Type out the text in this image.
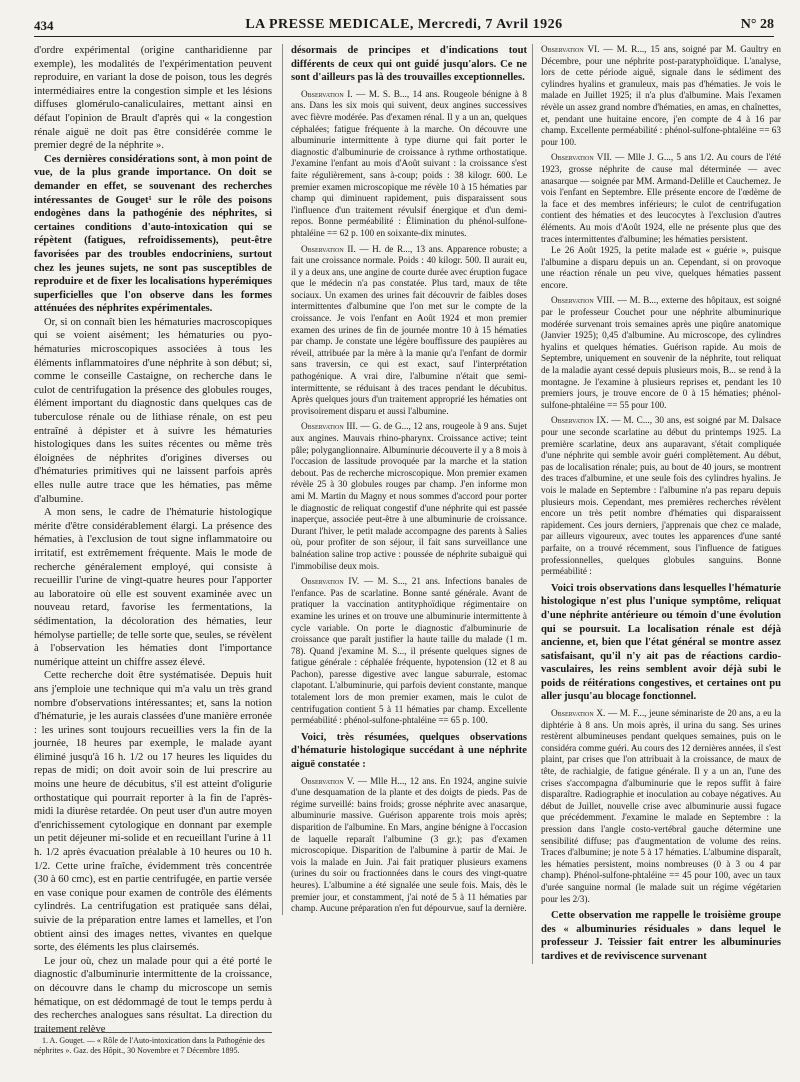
434	LA PRESSE MEDICALE, Mercredi, 7 Avril 1926	N° 28

d'ordre expérimental (origine cantharidienne par exemple), les modalités de l'expérimentation peuvent reproduire, en variant la dose de poison, tous les degrés intermédiaires entre la congestion simple et les lésions diffuses glomérulo-canaliculaires, mettant ainsi en défaut l'opinion de Brault d'après qui « la congestion rénale aiguë ne doit pas être considérée comme le premier degré de la néphrite ».

Ces dernières considérations sont, à mon point de vue, de la plus grande importance. On doit se demander en effet, se souvenant des recherches intéressantes de Gouget¹ sur le rôle des poisons endogènes dans la pathogénie des néphrites, si certaines conditions d'auto-intoxication qui se répètent (fatigues, refroidissements), peut-être favorisées par des troubles endocriniens, surtout chez les jeunes sujets, ne sont pas susceptibles de reproduire et de fixer les localisations hyperémiques superficielles que l'on observe dans les formes atténuées des néphrites expérimentales.

Or, si on connaît bien les hématuries macroscopiques qui se voient aisément; les hématuries ou pyo-hématuries microscopiques associées à tous les éléments inflammatoires d'une néphrite à son début; si, comme le conseille Castaigne, on recherche dans le culot de centrifugation la présence des globules rouges, élément important du diagnostic dans quelques cas de tuberculose rénale ou de lithiase rénale, on est peu entraîné à dépister et à suivre les hématuries histologiques dans les suites récentes ou même très éloignées de néphrites d'origines diverses ou d'hématuries primitives qui ne laissent parfois après elles nulle autre trace que les hématies, pas même d'albumine.

A mon sens, le cadre de l'hématurie histologique mérite d'être considérablement élargi. La présence des hématies, à l'exclusion de tout signe inflammatoire ou irritatif, est extrêmement fréquente. Mais le mode de recherche généralement employé, qui consiste à recueillir l'urine de vingt-quatre heures pour l'apporter au laboratoire où elle est souvent examinée avec un nouveau retard, favorise les fermentations, la sédimentation, la décoloration des hématies, leur hémolyse partielle; de telle sorte que, seules, se révèlent à l'observation les hématies dont l'importance numérique atteint un chiffre assez élevé.

Cette recherche doit être systématisée. Depuis huit ans j'emploie une technique qui m'a valu un très grand nombre d'observations intéressantes; et, sans la notion d'hématurie, je les aurais classées d'une manière erronée : les urines sont toujours recueillies vers la fin de la journée, 18 heures par exemple, le malade ayant éliminé jusqu'à 16 h. 1/2 ou 17 heures les liquides du repas de midi; on doit avoir soin de lui prescrire au moins une heure de décubitus, s'il est atteint d'oligurie orthostatique qui pourrait reporter à la fin de l'après-midi la diurèse retardée. On peut user d'un autre moyen d'enrichissement cytologique en donnant par exemple un petit déjeuner mi-solide et en recueillant l'urine à 11 h. 1/2 après évacuation préalable à 10 heures ou 10 h. 1/2. Cette urine fraîche, évidemment très concentrée (30 à 60 cmc), est en partie centrifugée, en partie versée en vase conique pour examen de contrôle des éléments cylindrés. La centrifugation est pratiquée sans délai, suivie de la préparation entre lames et lamelles, et l'on obtient ainsi des images nettes, vivantes en quelque sorte, des éléments les plus clairsemés.

Le jour où, chez un malade pour qui a été porté le diagnostic d'albuminurie intermittente de la croissance, on découvre dans le champ du microscope un semis hématique, on est dédommagé de tout le temps perdu à des recherches analogues sans résultat. La direction du traitement relève

désormais de principes et d'indications tout différents de ceux qui ont guidé jusqu'alors. Ce ne sont d'ailleurs pas là des trouvailles exceptionnelles.

Observation I. — M. S. B..., 14 ans. Rougeole bénigne à 8 ans. Dans les six mois qui suivent, deux angines successives avec fièvre modérée. Pas d'examen rénal. Il y a un an, quelques céphalées; fatigue fréquente à la marche. On découvre une albuminurie intermittente à type diurne qui fait porter le diagnostic d'albuminurie de croissance à rythme orthostatique. J'examine l'enfant au mois d'Août suivant : la croissance s'est faite régulièrement, sans à-coup; poids : 38 kilogr. 600. Le premier examen microscopique me révèle 10 à 15 hématies par champ qui diminuent rapidement, puis disparaissent sous l'influence d'un traitement révulsif énergique et d'un demi-repos. Bonne perméabilité : Élimination du phénol-sulfone-phtaléine == 62 p. 100 en soixante-dix minutes.

Observation II. — H. de R..., 13 ans. Apparence robuste; a fait une croissance normale. Poids : 40 kilogr. 500. Il aurait eu, il y a deux ans, une angine de courte durée avec éruption fugace que le médecin n'a pas constatée. Plus tard, maux de tête sociaux. Un examen des urines fait découvrir de faibles doses intermittentes d'albumine que l'on met sur le compte de la croissance. Je vois l'enfant en Août 1924 et mon premier examen des urines de fin de journée montre 10 à 15 hématies par champ. Je constate une légère bouffissure des paupières au réveil, attribuée par la mère à la manie qu'a l'enfant de dormir sans traversin, ce qui est exact, sauf l'interprétation pathogénique. A vrai dire, l'albumine n'était que semi-intermittente, se réduisant à des traces pendant le décubitus. Après quelques jours d'un traitement approprié les hématies ont provisoirement disparu et aussi l'albumine.

Observation III. — G. de G..., 12 ans, rougeole à 9 ans. Sujet aux angines. Mauvais rhino-pharynx. Croissance active; teint pâle; polyganglionnaire. Albuminurie découverte il y a 8 mois à l'occasion de lassitude provoquée par la marche et la station debout. Pas de recherche microscopique. Mon premier examen révèle 25 à 30 globules rouges par champ. J'en informe mon ami M. Martin du Magny et nous sommes d'accord pour porter le diagnostic de reliquat congestif d'une néphrite qui est passée inaperçue, associée peut-être à une albuminurie de croissance. Durant l'hiver, le petit malade accompagne des parents à Salies où, pour profiter de son séjour, il fait sans surveillance une balnéation saline trop active : poussée de néphrite subaiguë qui l'immobilise deux mois.

Observation IV. — M. S..., 21 ans. Infections banales de l'enfance. Pas de scarlatine. Bonne santé générale. Avant de pratiquer la vaccination antityphoïdique régimentaire on examine les urines et on trouve une albuminurie intermittente à cycle variable. On porte le diagnostic d'albuminurie de croissance que paraît justifier la haute taille du malade (1 m. 78). Quand j'examine M. S..., il présente quelques signes de fatigue générale : céphalée fréquente, hypotension (12 et 8 au Pachon), paresse digestive avec langue saburrale, estomac clapotant. L'albuminurie, qui parfois devient constante, manque totalement lors de mon premier examen, mais le culot de centrifugation contient 5 à 11 hématies par champ. Excellente perméabilité : phénol-sulfone-phtaléine == 65 p. 100.

Voici, très résumées, quelques observations d'hématurie histologique succédant à une néphrite aiguë constatée :

Observation V. — Mlle H..., 12 ans. En 1924, angine suivie d'une desquamation de la plante et des doigts de pieds. Pas de régime surveillé: bains froids; grosse néphrite avec anasarque, albuminurie massive. Guérison apparente trois mois après; disparition de l'albumine. En Mars, angine bénigne à l'occasion de laquelle reparaît l'albumine (3 gr.); pas d'examen microscopique. Disparition de l'albumine à partir de Mai. Je vois la malade en Juin. J'ai fait pratiquer plusieurs examens (urines du soir ou fractionnées dans le cours des vingt-quatre heures). L'albumine a été signalée une seule fois. Mais, dès le premier jour, et constamment, j'ai noté de 5 à 11 hématies par champ. Aucune préparation n'en fut dépourvue, sauf la dernière.

Observation VI. — M. R..., 15 ans, soigné par M. Gaultry en Décembre, pour une néphrite post-paratyphoïdique. L'analyse, lors de cette période aiguë, signale dans le sédiment des cylindres hyalins et granuleux, mais pas d'hématies. Je vois le malade en Juillet 1925; il n'a plus d'albumine. Mais l'examen révèle un assez grand nombre d'hématies, en amas, en chaînettes, et, pendant une huitaine encore, j'en compte de 4 à 16 par champ. Excellente perméabilité : phénol-sulfone-phtaléine == 63 pour 100.

Observation VII. — Mlle J. G..., 5 ans 1/2. Au cours de l'été 1923, grosse néphrite de cause mal déterminée — avec anasarque — soignée par MM. Armand-Delille et Cauchemez. Je vois l'enfant en Septembre. Elle présente encore de l'œdème de la face et des membres inférieurs; le culot de centrifugation contient des hématies et des leucocytes à l'exclusion d'autres éléments. Au mois d'Août 1924, elle ne présente plus que des traces intermittentes d'albumine; les hématies persistent.

Le 26 Août 1925, la petite malade est « guérie », puisque l'albumine a disparu depuis un an. Cependant, si on provoque une réaction rénale un peu vive, quelques hématies passent encore.

Observation VIII. — M. B..., externe des hôpitaux, est soigné par le professeur Couchet pour une néphrite albuminurique modérée survenant trois semaines après une piqûre anatomique (Janvier 1925); 0,45 d'albumine. Au microscope, des cylindres hyalins et quelques hématies. Guérison rapide. Au mois de Septembre, uniquement en souvenir de la néphrite, tout reliquat de la maladie ayant cessé depuis plusieurs mois, B... se rend à la montagne. Je l'examine à plusieurs reprises et, pendant les 10 premiers jours, je trouve encore de 0 à 15 hématies; phénol-sulfone-phtaléine == 55 pour 100.

Observation IX. — M. C..., 30 ans, est soigné par M. Dalsace pour une seconde scarlatine au début du printemps 1925. La première scarlatine, deux ans auparavant, s'était compliquée d'une néphrite qui semble avoir guéri complètement. Au début, pas de localisation rénale; puis, au bout de 40 jours, se montrent des traces d'albumine, et une seule fois des cylindres hyalins. Je vois le malade en Septembre : l'albumine n'a pas reparu depuis plusieurs mois. Cependant, mes premières recherches révèlent encore un très petit nombre d'hématies qui disparaissent rapidement. Ces jours derniers, j'apprenais que chez ce malade, par ailleurs vigoureux, avec toutes les apparences d'une santé parfaite, on a trouvé récemment, sous l'influence de fatigues professionnelles, quelques globules sanguins. Bonne perméabilité :

Voici trois observations dans lesquelles l'hématurie histologique n'est plus l'unique symptôme, reliquat d'une néphrite antérieure ou témoin d'une évolution qui se poursuit. La localisation rénale est déjà ancienne, et, bien que l'état général se montre assez satisfaisant, qu'il n'y ait pas de réactions cardio-vasculaires, les reins semblent avoir déjà subi le poids de réitérations congestives, et certaines ont pu aller jusqu'au blocage fonctionnel.

Observation X. — M. F..., jeune séminariste de 20 ans, a eu la diphtérie à 8 ans. Un mois après, il urina du sang. Ses urines restèrent albumineuses pendant quelques semaines, puis on le considéra comme guéri. Au cours des 12 dernières années, il s'est plaint, par crises que l'on attribuait à la croissance, de maux de tête, de rachialgie, de fatigue générale. Il y a un an, l'une des crises s'accompagna d'albuminurie que le repos suffit à faire disparaître. Radiographie et inoculation au cobaye négatives. Au début de Juillet, nouvelle crise avec albuminurie aussi fugace que précédemment. J'examine le malade en Septembre : la pression dans l'angle costo-vertébral gauche détermine une sensibilité diffuse; pas d'augmentation de volume des reins. Traces d'albumine; je note 5 à 17 hématies. L'albumine disparaît, les hématies persistent, moins nombreuses (0 à 3 ou 4 par champ). Phénol-sulfone-phtaléine == 45 pour 100, avec un taux d'urée sanguine normal (le malade suit un régime végétarien pour les 2/3).

Cette observation me rappelle le troisième groupe des « albuminuries résiduales » dans lequel le professeur J. Teissier fait entrer les albuminuries tardives et de reviviscence survenant

1. A. Gouget. — « Rôle de l'Auto-intoxication dans la Pathogénie des néphrites ». Gaz. des Hôpit., 30 Novembre et 7 Décembre 1895.
